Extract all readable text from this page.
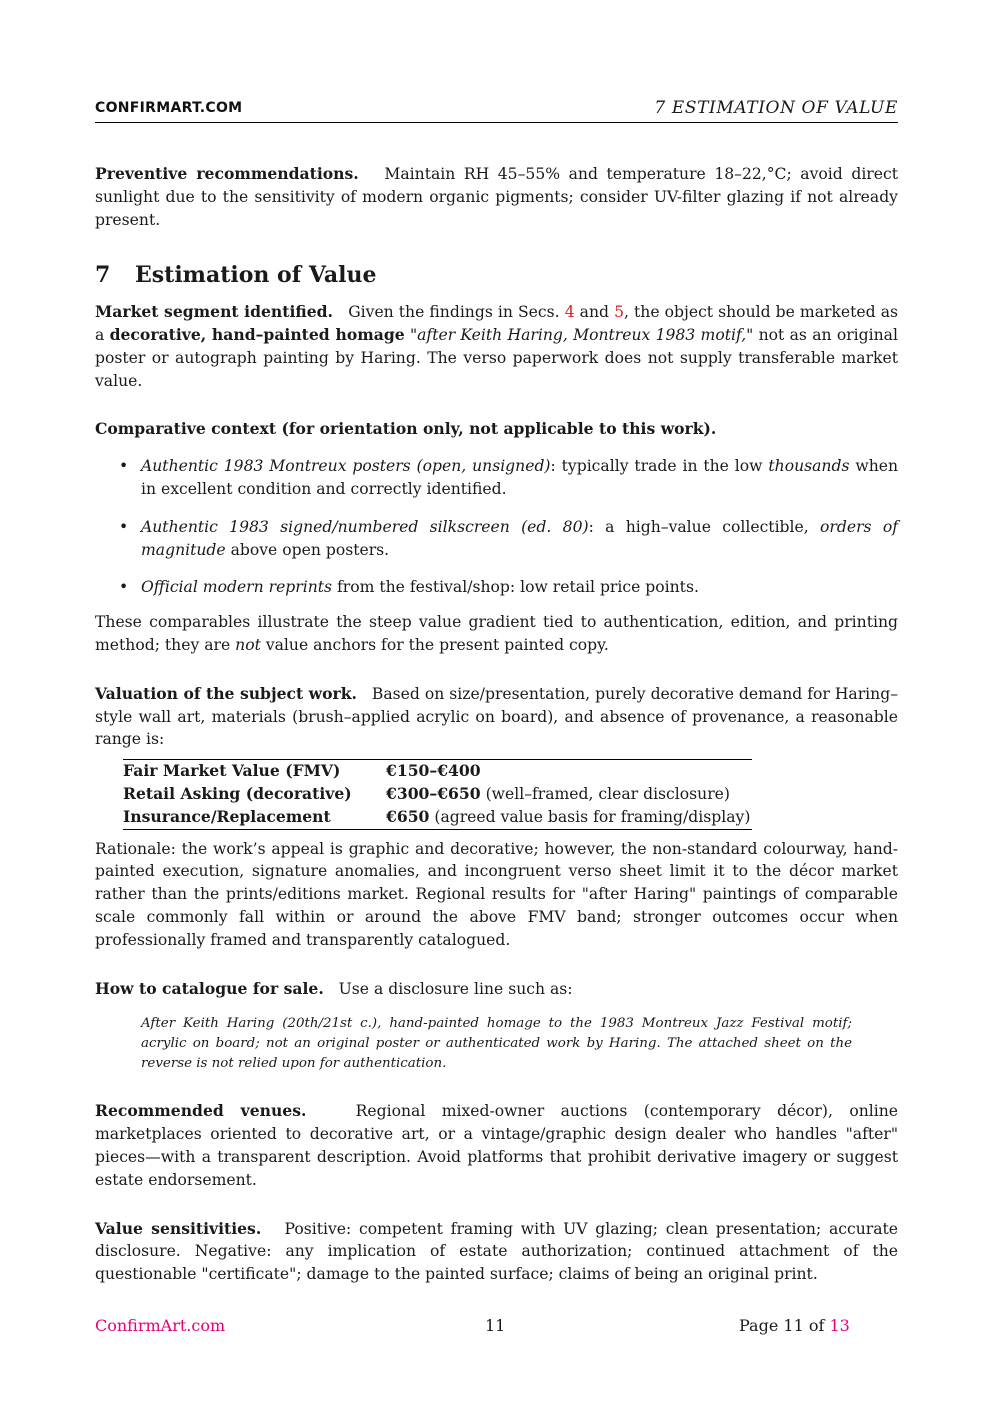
CONFIRMART.COM	7 ESTIMATION OF VALUE

Preventive recommendations. Maintain RH 45–55% and temperature 18–22,°C; avoid direct sunlight due to the sensitivity of modern organic pigments; consider UV-filter glazing if not already present.

7 Estimation of Value

Market segment identified. Given the findings in Secs. 4 and 5, the object should be marketed as a decorative, hand–painted homage "after Keith Haring, Montreux 1983 motif," not as an original poster or autograph painting by Haring. The verso paperwork does not supply transferable market value.

Comparative context (for orientation only, not applicable to this work).

• Authentic 1983 Montreux posters (open, unsigned): typically trade in the low thousands when in excellent condition and correctly identified.
• Authentic 1983 signed/numbered silkscreen (ed. 80): a high–value collectible, orders of magnitude above open posters.
• Official modern reprints from the festival/shop: low retail price points.

These comparables illustrate the steep value gradient tied to authentication, edition, and printing method; they are not value anchors for the present painted copy.

Valuation of the subject work. Based on size/presentation, purely decorative demand for Haring–style wall art, materials (brush–applied acrylic on board), and absence of provenance, a reasonable range is:

Fair Market Value (FMV)	€150–€400
Retail Asking (decorative)	€300–€650 (well–framed, clear disclosure)
Insurance/Replacement	€650 (agreed value basis for framing/display)

Rationale: the work’s appeal is graphic and decorative; however, the non-standard colourway, hand-painted execution, signature anomalies, and incongruent verso sheet limit it to the décor market rather than the prints/editions market. Regional results for "after Haring" paintings of comparable scale commonly fall within or around the above FMV band; stronger outcomes occur when professionally framed and transparently catalogued.

How to catalogue for sale. Use a disclosure line such as:

After Keith Haring (20th/21st c.), hand-painted homage to the 1983 Montreux Jazz Festival motif; acrylic on board; not an original poster or authenticated work by Haring. The attached sheet on the reverse is not relied upon for authentication.

Recommended venues.	Regional mixed-owner auctions (contemporary décor), online marketplaces oriented to decorative art, or a vintage/graphic design dealer who handles "after" pieces—with a transparent description. Avoid platforms that prohibit derivative imagery or suggest estate endorsement.

Value sensitivities. Positive: competent framing with UV glazing; clean presentation; accurate disclosure. Negative: any implication of estate authorization; continued attachment of the questionable "certificate"; damage to the painted surface; claims of being an original print.

ConfirmArt.com	11	Page 11 of 13
